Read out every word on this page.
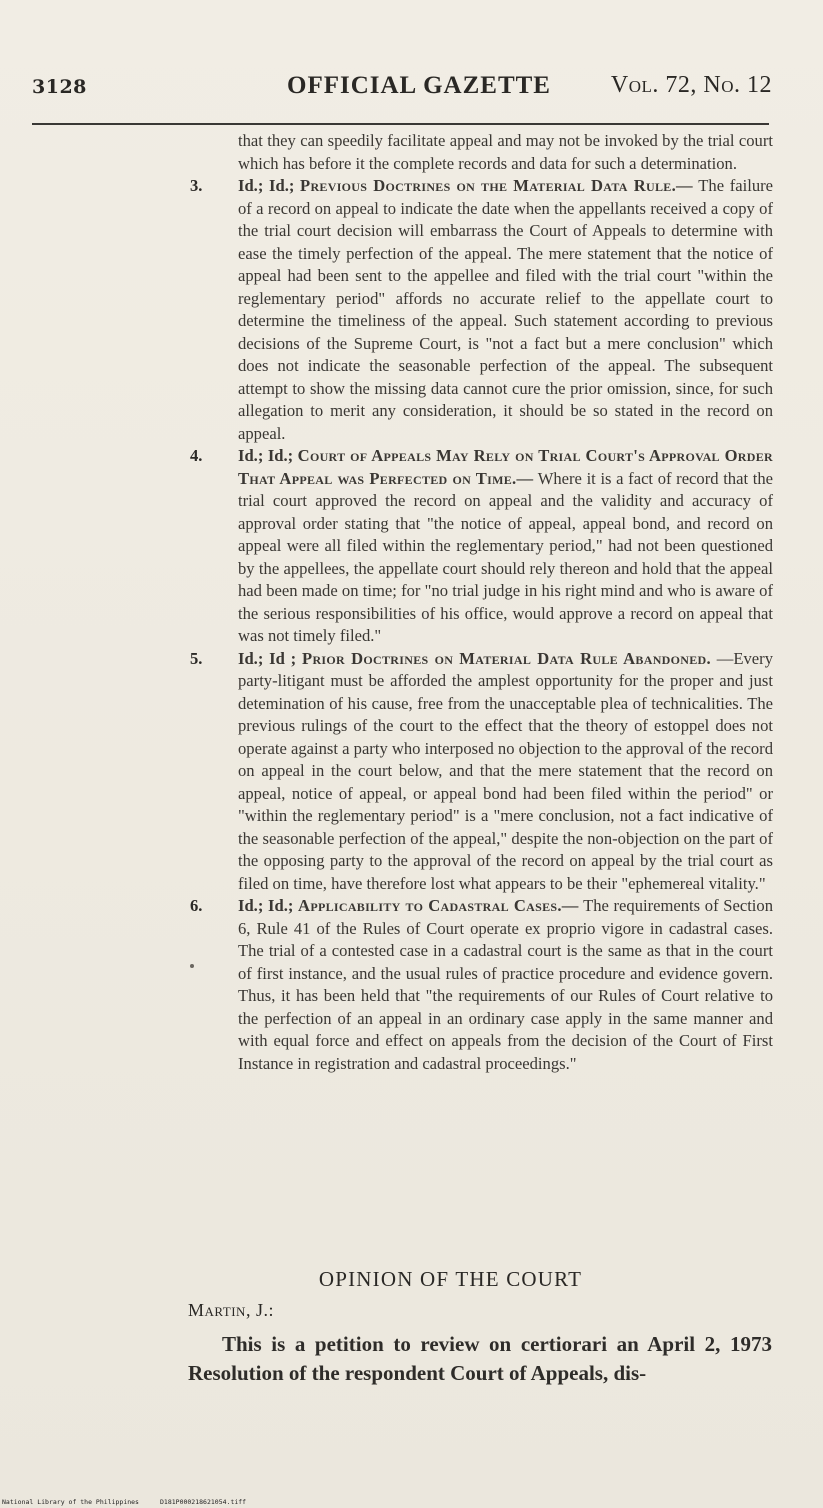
3128	OFFICIAL GAZETTE Vol. 72, No. 12

that they can speedily facilitate appeal and may not be invoked by the trial court which has before it the complete records and data for such a determination.

3. Id.; Id.; Previous Doctrines on the Material Data Rule.— The failure of a record on appeal to indicate the date when the appellants received a copy of the trial court decision will embarrass the Court of Appeals to determine with ease the timely perfection of the appeal. The mere statement that the notice of appeal had been sent to the appellee and filed with the trial court "within the reglementary period" affords no accurate relief to the appellate court to determine the timeliness of the appeal. Such statement according to previous decisions of the Supreme Court, is "not a fact but a mere conclusion" which does not indicate the seasonable perfection of the appeal. The subsequent attempt to show the missing data cannot cure the prior omission, since, for such allegation to merit any consideration, it should be so stated in the record on appeal.

4. Id.; Id.; Court of Appeals May Rely on Trial Court's Approval Order That Appeal was Perfected on Time.— Where it is a fact of record that the trial court approved the record on appeal and the validity and accuracy of approval order stating that "the notice of appeal, appeal bond, and record on appeal were all filed within the reglementary period," had not been questioned by the appellees, the appellate court should rely thereon and hold that the appeal had been made on time; for "no trial judge in his right mind and who is aware of the serious responsibilities of his office, would approve a record on appeal that was not timely filed."

5. Id.; Id ; Prior Doctrines on Material Data Rule Abandoned. —Every party-litigant must be afforded the amplest opportunity for the proper and just detemination of his cause, free from the unacceptable plea of technicalities. The previous rulings of the court to the effect that the theory of estoppel does not operate against a party who interposed no objection to the approval of the record on appeal in the court below, and that the mere statement that the record on appeal, notice of appeal, or appeal bond had been filed within the period" or "within the reglementary period" is a "mere conclusion, not a fact indicative of the seasonable perfection of the appeal," despite the non-objection on the part of the opposing party to the approval of the record on appeal by the trial court as filed on time, have therefore lost what appears to be their "ephemereal vitality."

6. Id.; Id.; Applicability to Cadastral Cases.— The requirements of Section 6, Rule 41 of the Rules of Court operate ex proprio vigore in cadastral cases. The trial of a contested case in a cadastral court is the same as that in the court of first instance, and the usual rules of practice procedure and evidence govern. Thus, it has been held that "the requirements of our Rules of Court relative to the perfection of an appeal in an ordinary case apply in the same manner and with equal force and effect on appeals from the decision of the Court of First Instance in registration and cadastral proceedings."

OPINION OF THE COURT
Martin, J.:

This is a petition to review on certiorari an April 2, 1973 Resolution of the respondent Court of Appeals, dis-

National Library of the Philippines	D181P000218621054.tiff
